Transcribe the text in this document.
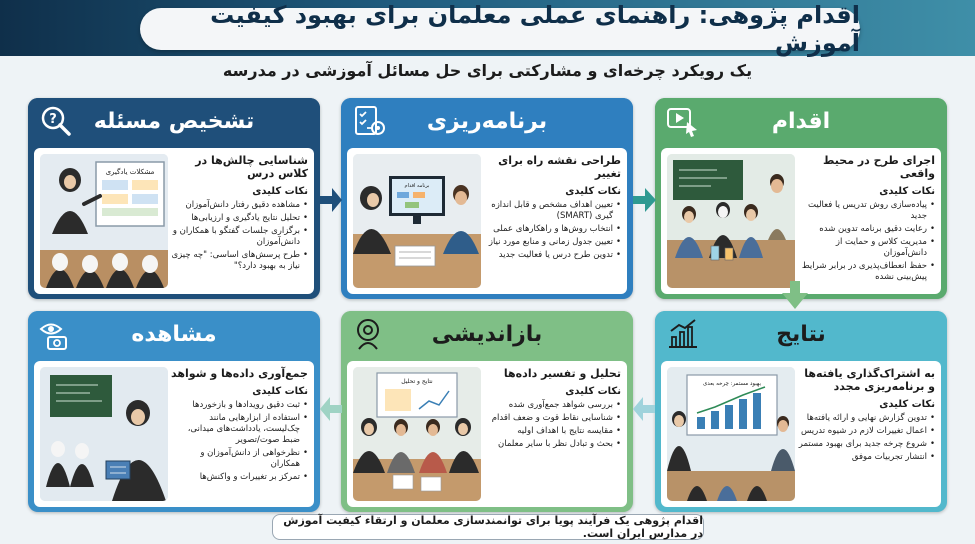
اقدام پژوهی: راهنمای عملی معلمان برای بهبود کیفیت آموزش
یک رویکرد چرخه‌ای و مشارکتی برای حل مسائل آموزشی در مدرسه
? تشخیص مسئله
شناسایی چالش‌ها در کلاس درس
نکات کلیدی
• مشاهده دقیق رفتار دانش‌آموزان
• تحلیل نتایج یادگیری و ارزیابی‌ها
• برگزاری جلسات گفتگو با همکاران و دانش‌آموزان
• طرح پرسش‌های اساسی: "چه چیزی نیاز به بهبود دارد؟"
مشکلات یادگیری
برنامه‌ریزی
طراحی نقشه راه برای تغییر
نکات کلیدی
• تعیین اهداف مشخص و قابل اندازه گیری (SMART)
• انتخاب روش‌ها و راهکارهای عملی
• تعیین جدول زمانی و منابع مورد نیاز
• تدوین طرح درس یا فعالیت جدید
برنامه اقدام
اقدام
اجرای طرح در محیط واقعی
نکات کلیدی
• پیاده‌سازی روش تدریس یا فعالیت جدید
• رعایت دقیق برنامه تدوین شده
• مدیریت کلاس و حمایت از دانش‌آموزان
• حفظ انعطاف‌پذیری در برابر شرایط پیش‌بینی نشده
مشاهده
جمع‌آوری داده‌ها و شواهد
نکات کلیدی
• ثبت دقیق رویدادها و بازخوردها
• استفاده از ابزارهایی مانند چک‌لیست، یادداشت‌های میدانی، ضبط صوت/تصویر
• نظرخواهی از دانش‌آموزان و همکاران
• تمرکز بر تغییرات و واکنش‌ها
بازاندیشی
تحلیل و تفسیر داده‌ها
نکات کلیدی
• بررسی شواهد جمع‌آوری شده
• شناسایی نقاط قوت و ضعف اقدام
• مقایسه نتایج با اهداف اولیه
• بحث و تبادل نظر با سایر معلمان
نتایج و تحلیل
نتایج
به اشتراک‌گذاری یافته‌ها و برنامه‌ریزی مجدد
نکات کلیدی
• تدوین گزارش نهایی و ارائه یافته‌ها
• اعمال تغییرات لازم در شیوه تدریس
• شروع چرخه جدید برای بهبود مستمر
• انتشار تجربیات موفق
بهبود مستمر: چرخه بعدی
اقدام پژوهی یک فرآیند پویا برای توانمندسازی معلمان و ارتقاء کیفیت آموزش در مدارس ایران است.
